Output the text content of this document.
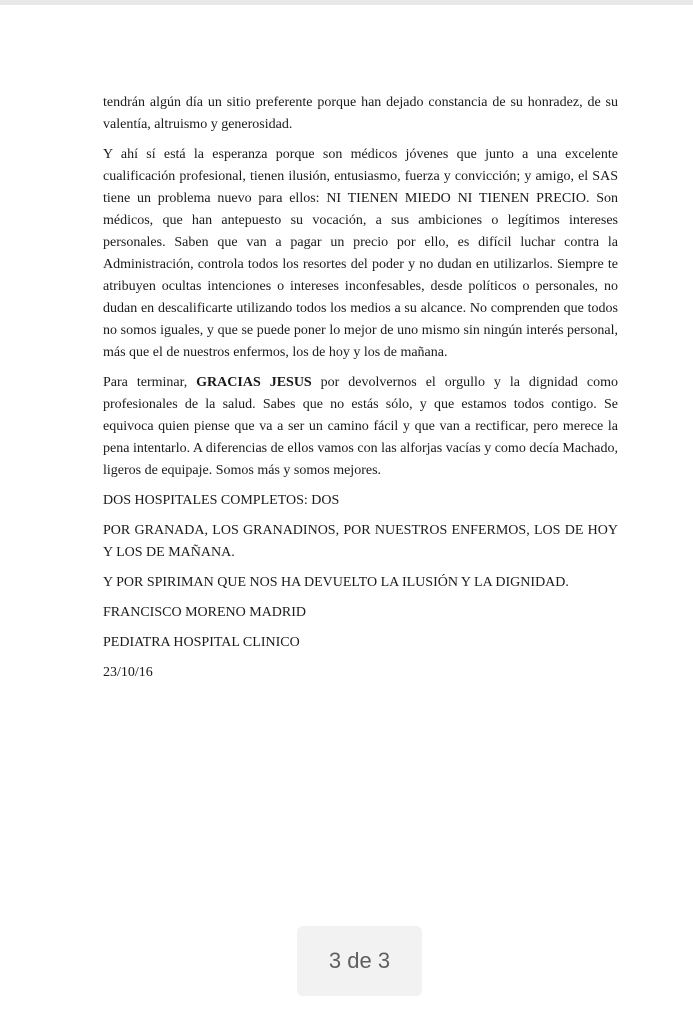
tendrán algún día un sitio preferente porque han dejado constancia de su honradez, de su valentía, altruismo y generosidad.

Y ahí sí está la esperanza porque son médicos jóvenes que junto a una excelente cualificación profesional, tienen ilusión, entusiasmo, fuerza y convicción; y amigo, el SAS tiene un problema nuevo para ellos: NI TIENEN MIEDO NI TIENEN PRECIO. Son médicos, que han antepuesto su vocación, a sus ambiciones o legítimos intereses personales. Saben que van a pagar un precio por ello, es difícil luchar contra la Administración, controla todos los resortes del poder y no dudan en utilizarlos. Siempre te atribuyen ocultas intenciones o intereses inconfesables, desde políticos o personales, no dudan en descalificarte utilizando todos los medios a su alcance. No comprenden que todos no somos iguales, y que se puede poner lo mejor de uno mismo sin ningún interés personal, más que el de nuestros enfermos, los de hoy y los de mañana.

Para terminar, GRACIAS JESUS por devolvernos el orgullo y la dignidad como profesionales de la salud. Sabes que no estás sólo, y que estamos todos contigo. Se equivoca quien piense que va a ser un camino fácil y que van a rectificar, pero merece la pena intentarlo. A diferencias de ellos vamos con las alforjas vacías y como decía Machado, ligeros de equipaje. Somos más y somos mejores.

DOS HOSPITALES COMPLETOS: DOS

POR GRANADA, LOS GRANADINOS, POR NUESTROS ENFERMOS, LOS DE HOY Y LOS DE MAÑANA.

Y POR SPIRIMAN QUE NOS HA DEVUELTO LA ILUSIÓN Y LA DIGNIDAD.

FRANCISCO MORENO MADRID

PEDIATRA HOSPITAL CLINICO

23/10/16

3 de 3
